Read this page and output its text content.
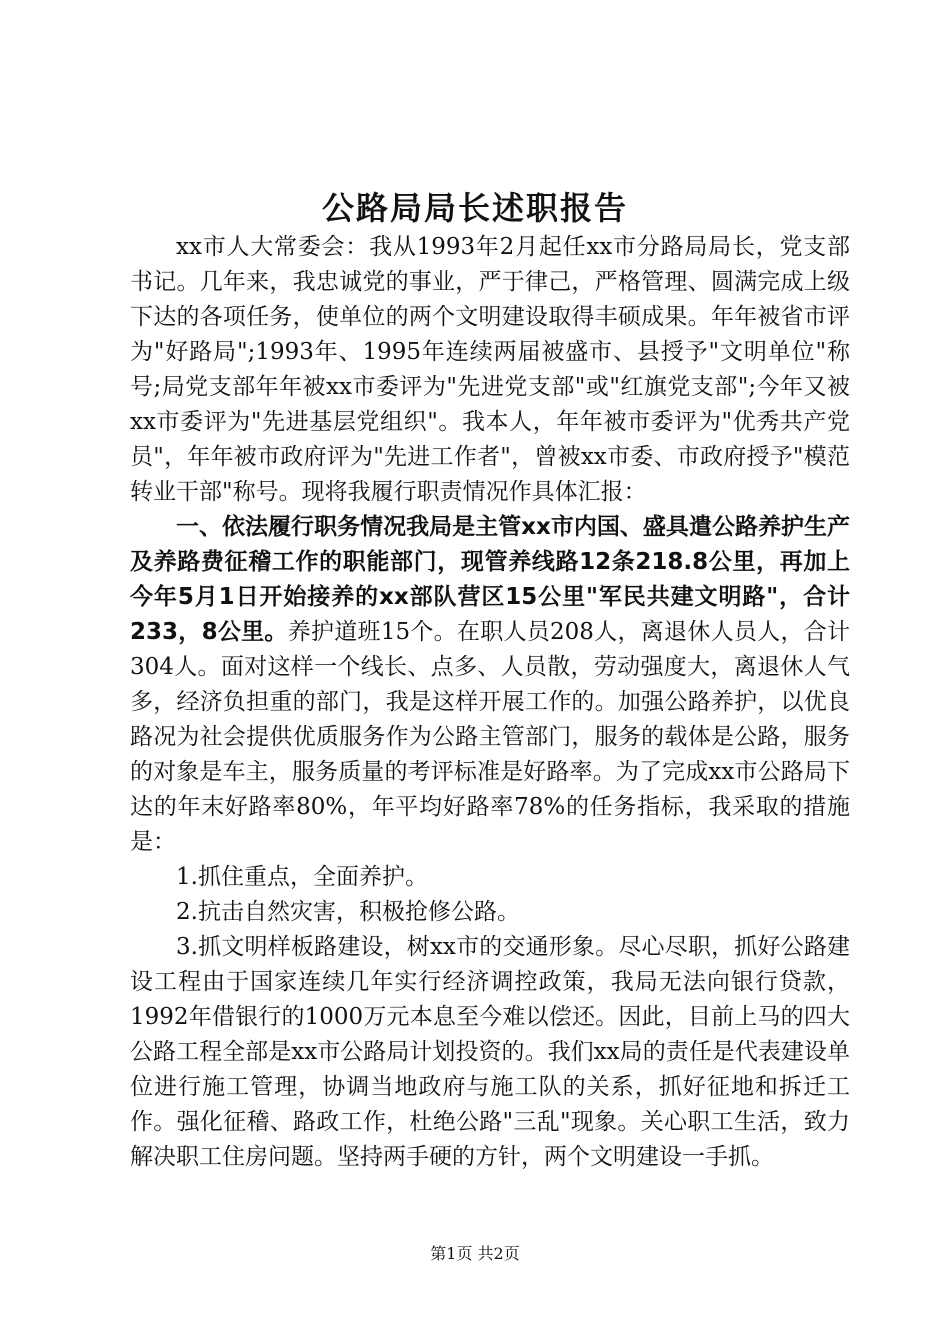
公路局局长述职报告

xx市人大常委会：我从1993年2月起任xx市分路局局长，党支部书记。几年来，我忠诚党的事业，严于律己，严格管理、圆满完成上级下达的各项任务，使单位的两个文明建设取得丰硕成果。年年被省市评为"好路局";1993年、1995年连续两届被盛市、县授予"文明单位"称号;局党支部年年被xx市委评为"先进党支部"或"红旗党支部";今年又被xx市委评为"先进基层党组织"。我本人，年年被市委评为"优秀共产党员"，年年被市政府评为"先进工作者"，曾被xx市委、市政府授予"模范转业干部"称号。现将我履行职责情况作具体汇报：

一、依法履行职务情况我局是主管xx市内国、盛具遣公路养护生产及养路费征稽工作的职能部门，现管养线路12条218.8公里，再加上今年5月1日开始接养的xx部队营区15公里"军民共建文明路"，合计233，8公里。养护道班15个。在职人员208人，离退休人员人，合计304人。面对这样一个线长、点多、人员散，劳动强度大，离退休人气多，经济负担重的部门，我是这样开展工作的。加强公路养护，以优良路况为社会提供优质服务作为公路主管部门，服务的载体是公路，服务的对象是车主，服务质量的考评标准是好路率。为了完成xx市公路局下达的年末好路率80%，年平均好路率78%的任务指标，我采取的措施是：

1.抓住重点，全面养护。

2.抗击自然灾害，积极抢修公路。

3.抓文明样板路建设，树xx市的交通形象。尽心尽职，抓好公路建设工程由于国家连续几年实行经济调控政策，我局无法向银行贷款，1992年借银行的1000万元本息至今难以偿还。因此，目前上马的四大公路工程全部是xx市公路局计划投资的。我们xx局的责任是代表建设单位进行施工管理，协调当地政府与施工队的关系，抓好征地和拆迁工作。强化征稽、路政工作，杜绝公路"三乱"现象。关心职工生活，致力解决职工住房问题。坚持两手硬的方针，两个文明建设一手抓。

第1页 共2页
